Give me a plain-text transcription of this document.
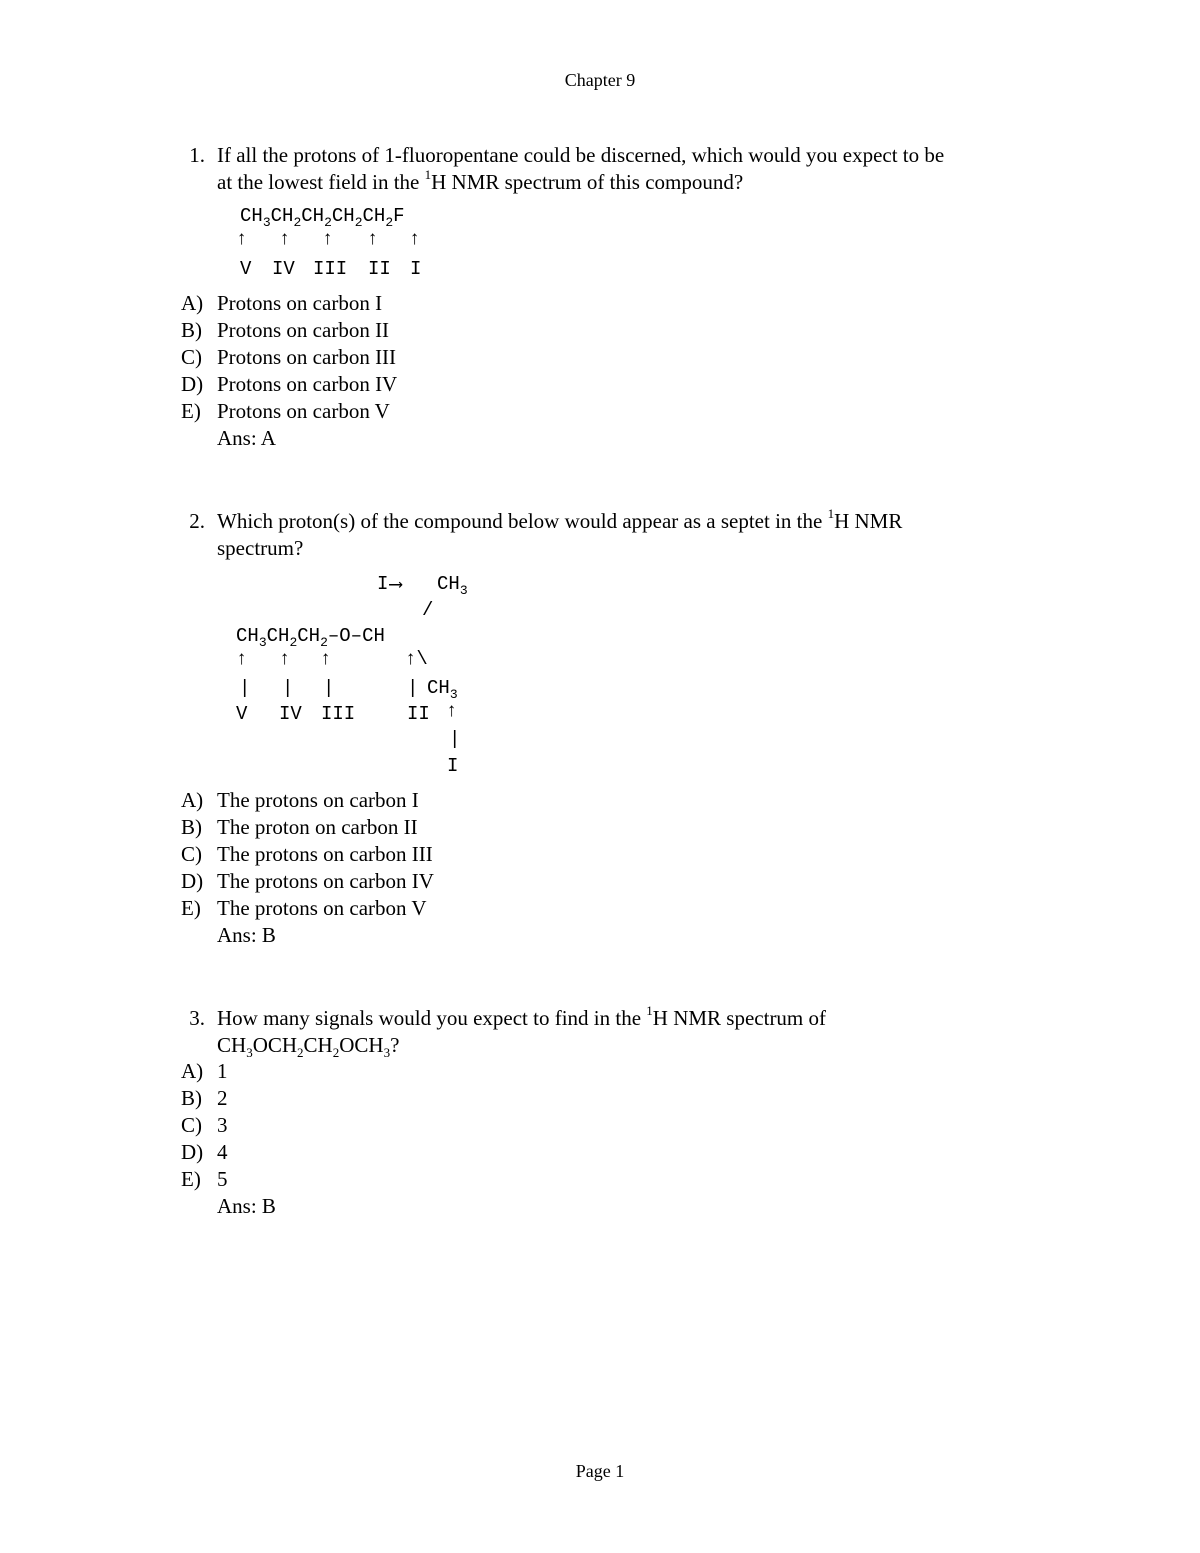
Chapter 9
1. If all the protons of 1-fluoropentane could be discerned, which would you expect to be
at the lowest field in the $^1$H NMR spectrum of this compound?
$CH_3CH_2CH_2CH_2CH_2F$
↑ ↑ ↑ ↑ ↑
V IV III II I
A) Protons on carbon I
B) Protons on carbon II
C) Protons on carbon III
D) Protons on carbon IV
E) Protons on carbon V
Ans: A
2. Which proton(s) of the compound below would appear as a septet in the $^1$H NMR
spectrum?
I ⟶ $CH_3$
/
$CH_3CH_2CH_2-O-CH$
↑ ↑ ↑	↑\
| | |	| $CH_3$
V IV III	II ↑
|
I
A) The protons on carbon I
B) The proton on carbon II
C) The protons on carbon III
D) The protons on carbon IV
E) The protons on carbon V
Ans: B
3. How many signals would you expect to find in the $^1$H NMR spectrum of
$CH_3OCH_2CH_2OCH_3$?
A) 1
B) 2
C) 3
D) 4
E) 5
Ans: B
Page 1
